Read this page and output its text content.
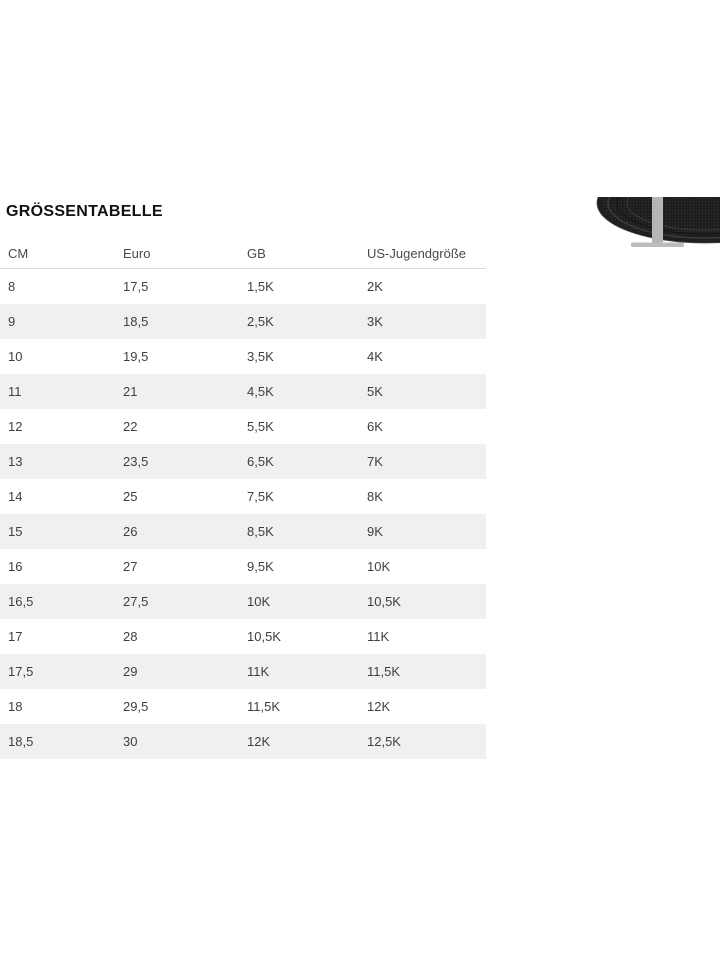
GRÖSSENTABELLE
CM	Euro	GB	US-Jugendgröße
8	17,5	1,5K	2K
9	18,5	2,5K	3K
10	19,5	3,5K	4K
11	21	4,5K	5K
12	22	5,5K	6K
13	23,5	6,5K	7K
14	25	7,5K	8K
15	26	8,5K	9K
16	27	9,5K	10K
16,5	27,5	10K	10,5K
17	28	10,5K	11K
17,5	29	11K	11,5K
18	29,5	11,5K	12K
18,5	30	12K	12,5K
